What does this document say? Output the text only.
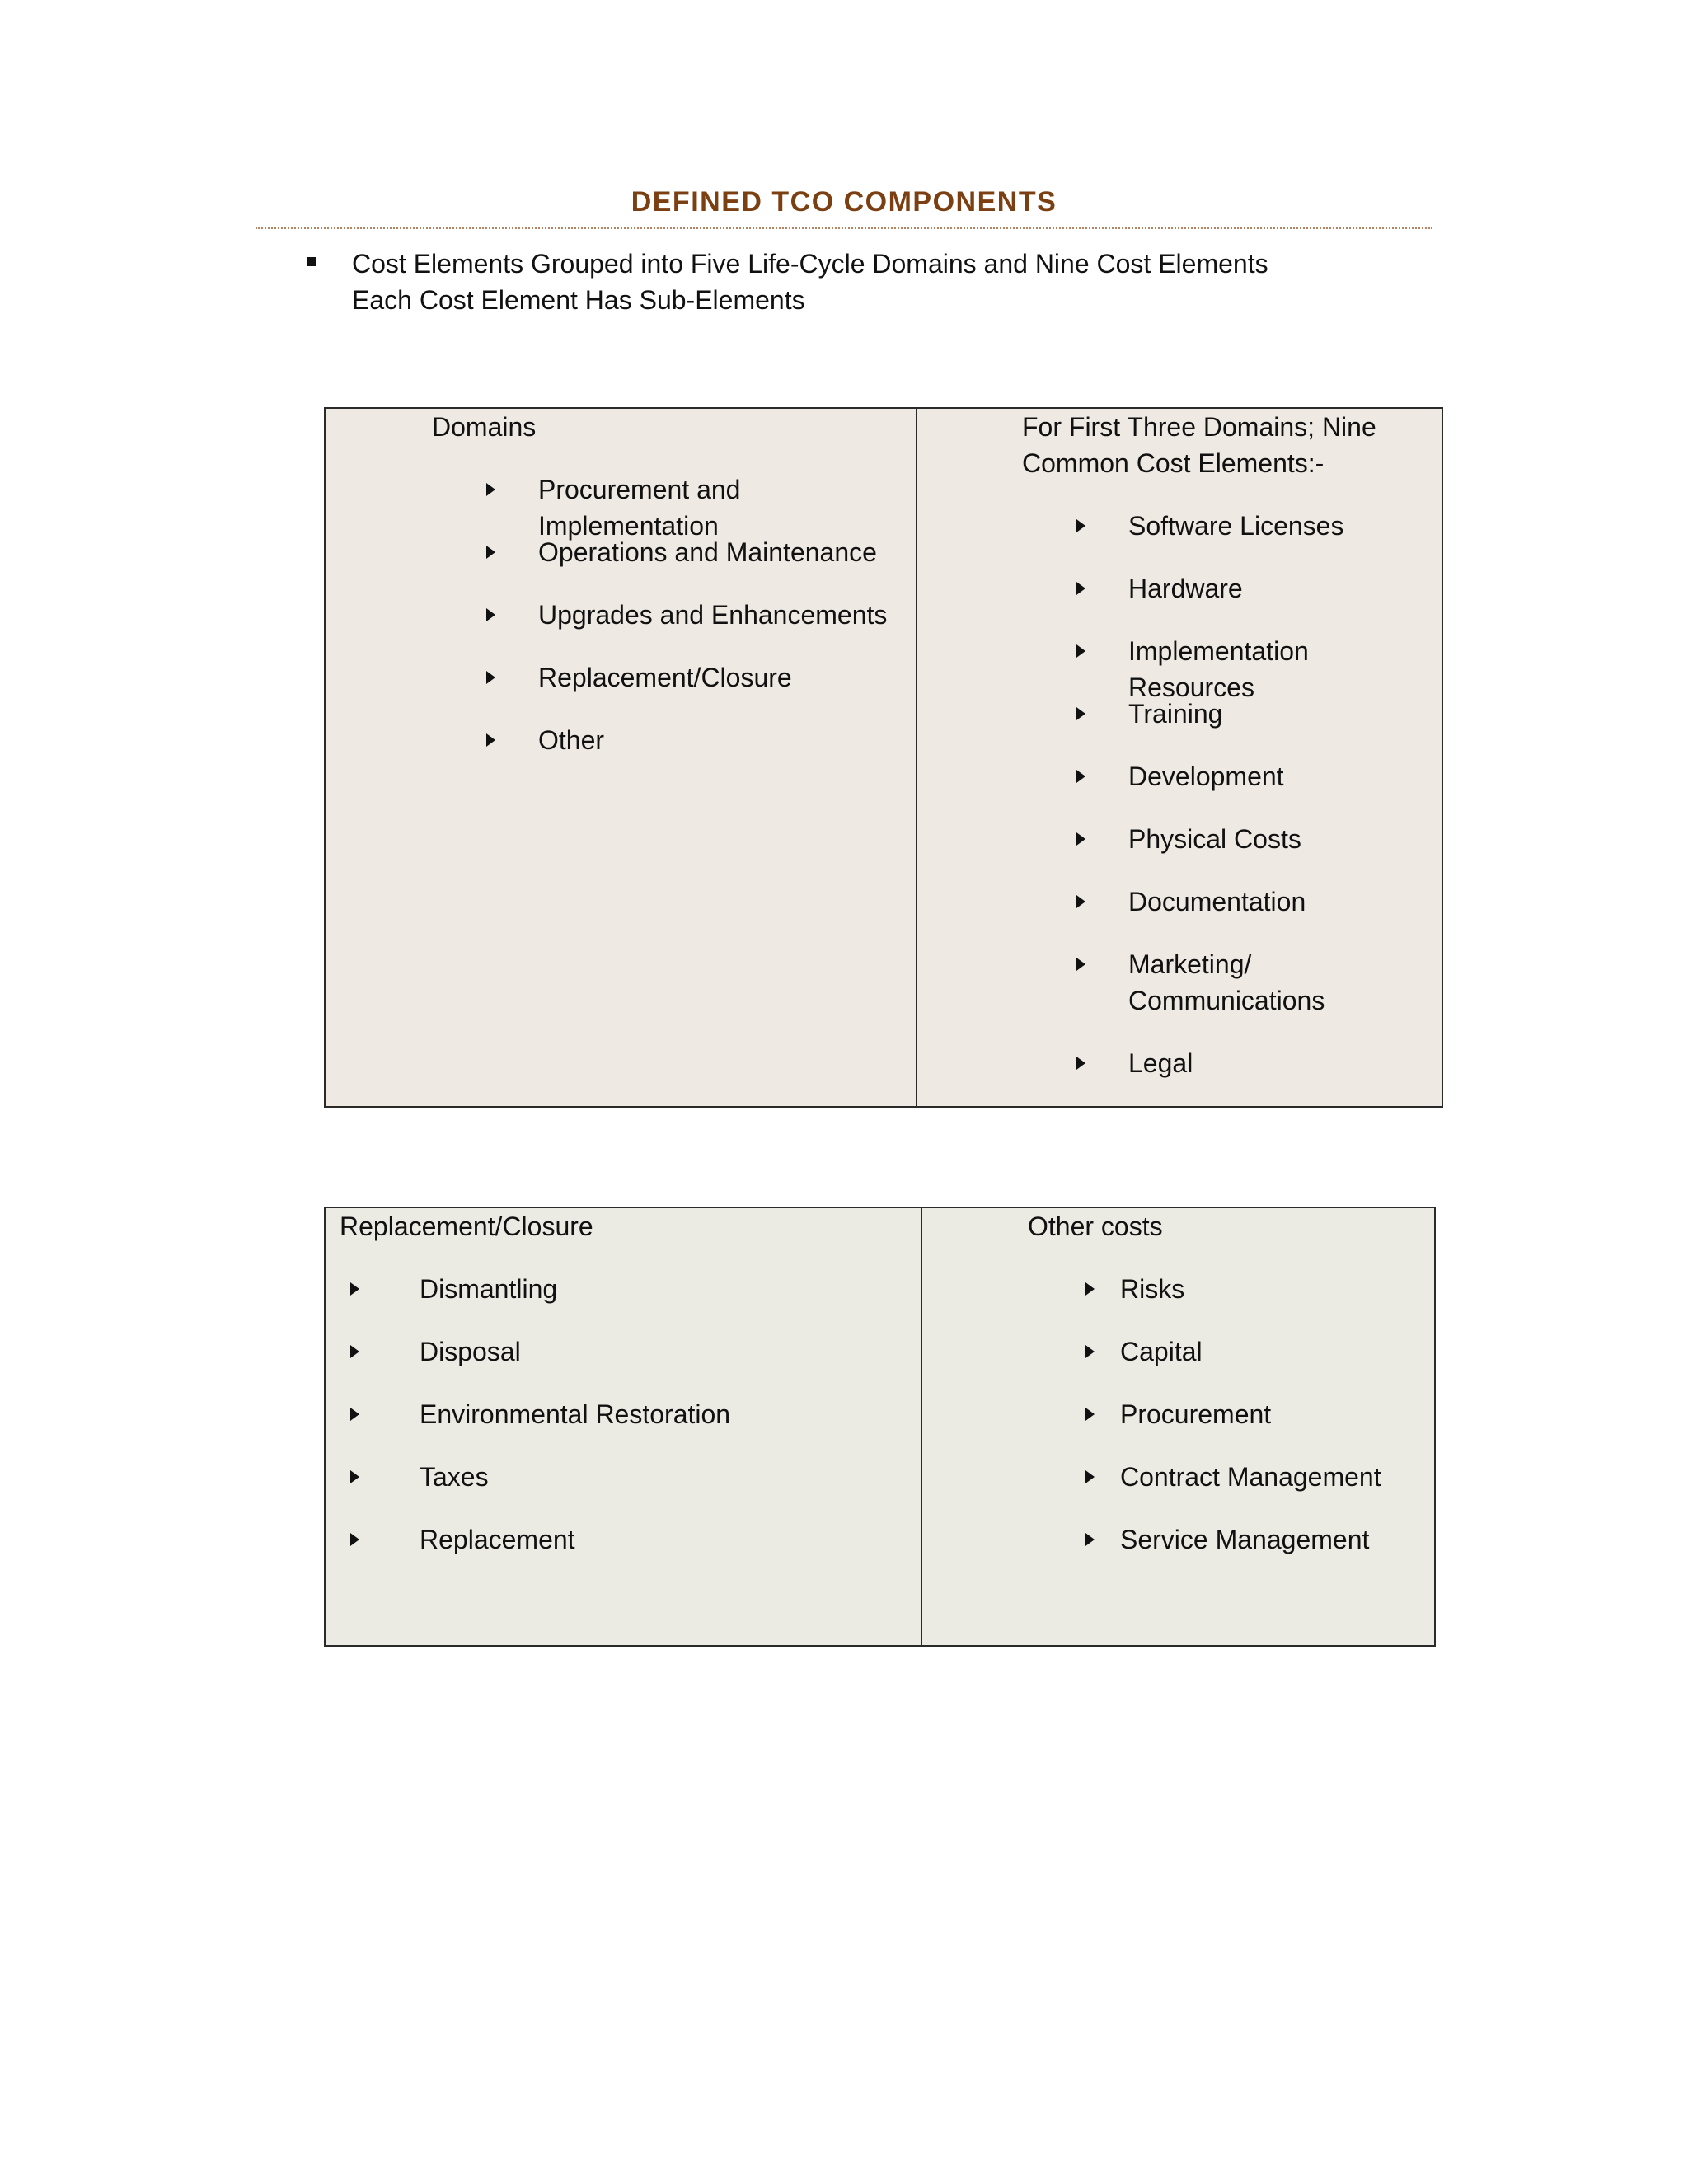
DEFINED TCO COMPONENTS
Cost Elements Grouped into Five Life-Cycle Domains and Nine Cost Elements
Each Cost Element Has Sub-Elements
Domains
Procurement and
Implementation
Operations and Maintenance
Upgrades and Enhancements
Replacement/Closure
Other
For First Three Domains; Nine
Common Cost Elements:-
Software Licenses
Hardware
Implementation Resources
Training
Development
Physical Costs
Documentation
Marketing/
Communications
Legal
Replacement/Closure
Dismantling
Disposal
Environmental Restoration
Taxes
Replacement
Other costs
Risks
Capital
Procurement
Contract Management
Service Management
